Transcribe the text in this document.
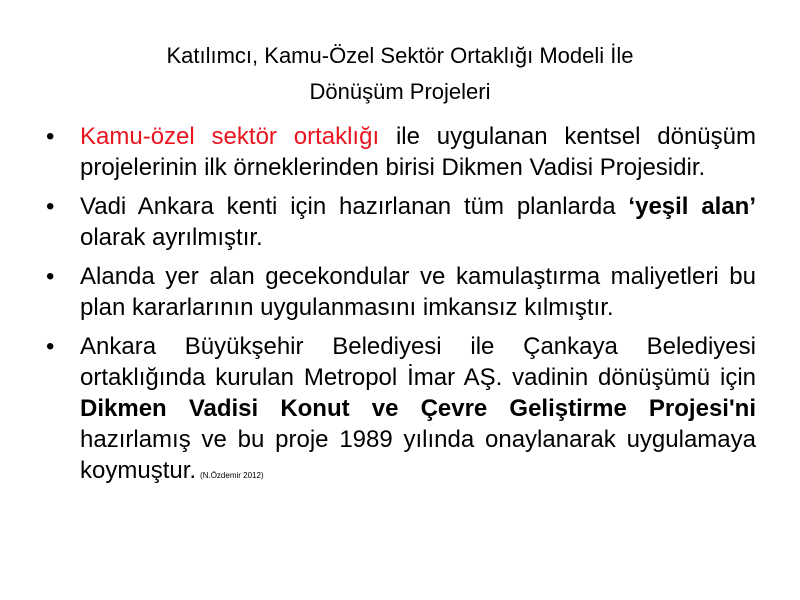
Katılımcı, Kamu-Özel Sektör Ortaklığı Modeli İle
Dönüşüm Projeleri
• Kamu-özel sektör ortaklığı ile uygulanan kentsel dönüşüm projelerinin ilk örneklerinden birisi Dikmen Vadisi Projesidir.
• Vadi Ankara kenti için hazırlanan tüm planlarda ‘yeşil alan’ olarak ayrılmıştır.
• Alanda yer alan gecekondular ve kamulaştırma maliyetleri bu plan kararlarının uygulanmasını imkansız kılmıştır.
• Ankara Büyükşehir Belediyesi ile Çankaya Belediyesi ortaklığında kurulan Metropol İmar AŞ. vadinin dönüşümü için Dikmen Vadisi Konut ve Çevre Geliştirme Projesi'ni hazırlamış ve bu proje 1989 yılında onaylanarak uygulamaya koymuştur. (N.Özdemir 2012)
